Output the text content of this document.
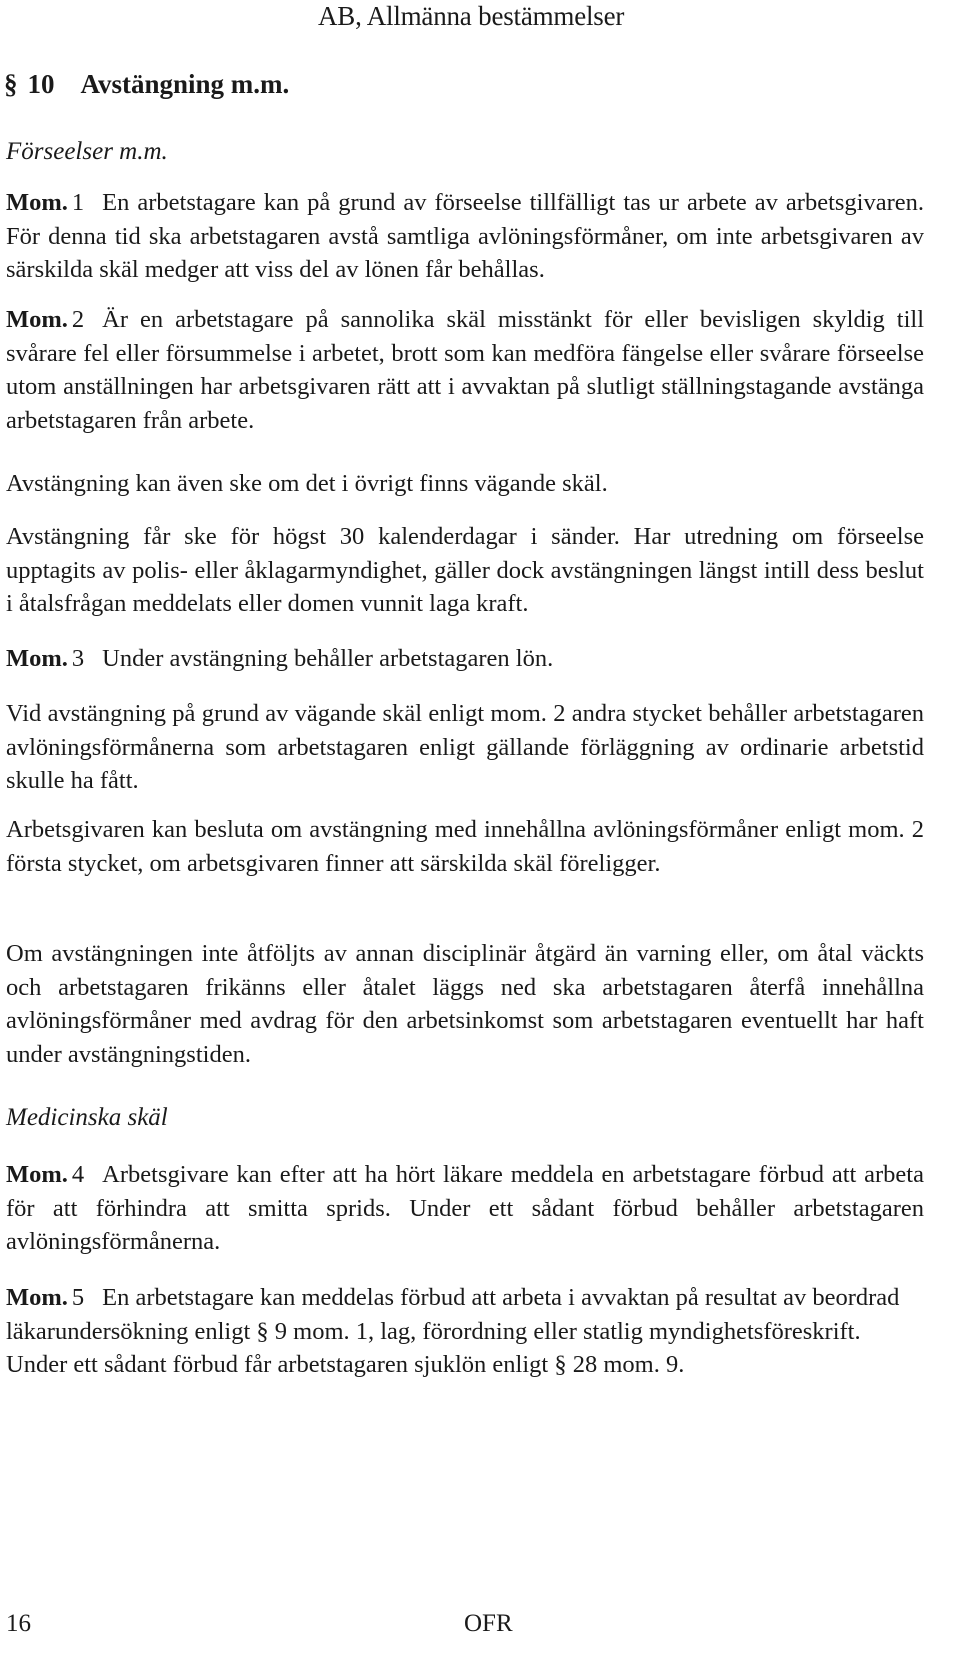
AB, Allmänna bestämmelser
§ 10 Avstängning m.m.
Förseelser m.m.

Mom. 1 En arbetstagare kan på grund av förseelse tillfälligt tas ur arbete av arbetsgivaren. För denna tid ska arbetstagaren avstå samtliga avlöningsförmåner, om inte arbetsgivaren av särskilda skäl medger att viss del av lönen får behållas.

Mom. 2 Är en arbetstagare på sannolika skäl misstänkt för eller bevisligen skyldig till svårare fel eller försummelse i arbetet, brott som kan medföra fängelse eller svårare förseelse utom anställningen har arbetsgivaren rätt att i avvaktan på slutligt ställningstagande avstänga arbetstagaren från arbete.

Avstängning kan även ske om det i övrigt finns vägande skäl.

Avstängning får ske för högst 30 kalenderdagar i sänder. Har utredning om förseelse upptagits av polis- eller åklagarmyndighet, gäller dock avstängningen längst intill dess beslut i åtalsfrågan meddelats eller domen vunnit laga kraft.

Mom. 3 Under avstängning behåller arbetstagaren lön.

Vid avstängning på grund av vägande skäl enligt mom. 2 andra stycket behåller arbetstagaren avlöningsförmånerna som arbetstagaren enligt gällande förläggning av ordinarie arbetstid skulle ha fått.

Arbetsgivaren kan besluta om avstängning med innehållna avlöningsförmåner enligt mom. 2 första stycket, om arbetsgivaren finner att särskilda skäl föreligger.

Om avstängningen inte åtföljts av annan disciplinär åtgärd än varning eller, om åtal väckts och arbetstagaren frikänns eller åtalet läggs ned ska arbetstagaren återfå innehållna avlöningsförmåner med avdrag för den arbetsinkomst som arbetstagaren eventuellt har haft under avstängningstiden.

Medicinska skäl

Mom. 4 Arbetsgivare kan efter att ha hört läkare meddela en arbetstagare förbud att arbeta för att förhindra att smitta sprids. Under ett sådant förbud behåller arbetstagaren avlöningsförmånerna.

Mom. 5 En arbetstagare kan meddelas förbud att arbeta i avvaktan på resultat av beordrad läkarundersökning enligt § 9 mom. 1, lag, förordning eller statlig myndighetsföreskrift. Under ett sådant förbud får arbetstagaren sjuklön enligt § 28 mom. 9.

16	OFR
